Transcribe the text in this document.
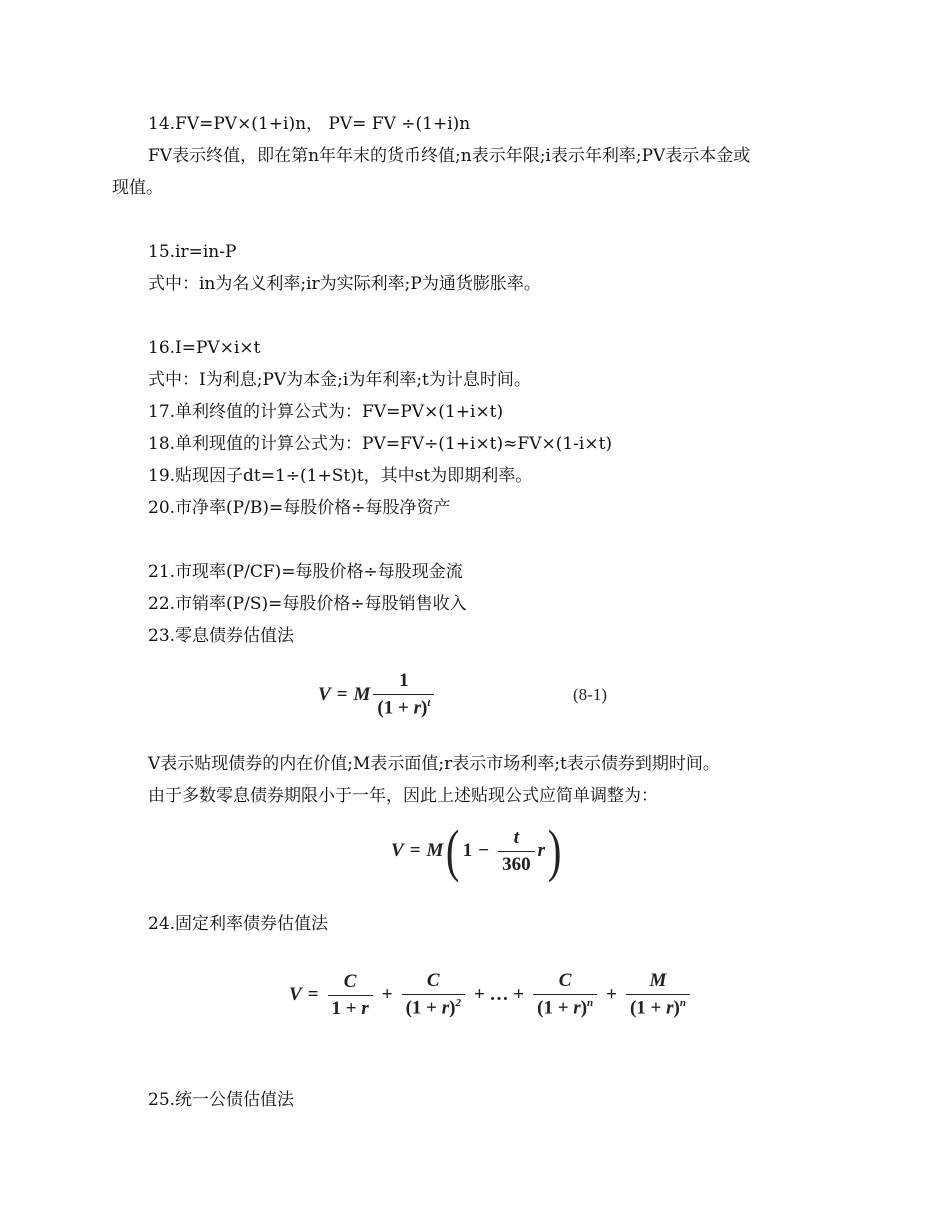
14.FV=PV×(1+i)n， PV= FV ÷(1+i)n
FV表示终值，即在第n年年末的货币终值;n表示年限;i表示年利率;PV表示本金或
现值。
15.ir=in-P
式中：in为名义利率;ir为实际利率;P为通货膨胀率。
16.I=PV×i×t
式中：I为利息;PV为本金;i为年利率;t为计息时间。
17.单利终值的计算公式为：FV=PV×(1+i×t)
18.单利现值的计算公式为：PV=FV÷(1+i×t)≈FV×(1-i×t)
19.贴现因子dt=1÷(1+St)t，其中st为即期利率。
20.市净率(P/B)=每股价格÷每股净资产
21.市现率(P/CF)=每股价格÷每股现金流
22.市销率(P/S)=每股价格÷每股销售收入
23.零息债券估值法
V = M $\frac{1}{(1 + r)^t}$	(8-1)
V表示贴现债券的内在价值;M表示面值;r表示市场利率;t表示债券到期时间。
由于多数零息债券期限小于一年，因此上述贴现公式应简单调整为：
V = M ( $1 - \frac{t}{360}$ r )
24.固定利率债券估值法
$V = \frac{C}{1 + r} + \frac{C}{(1 + r)^2}$ + … + $\frac{C}{(1 + r)^n} + \frac{M}{(1 + r)^n}$
25.统一公债估值法
